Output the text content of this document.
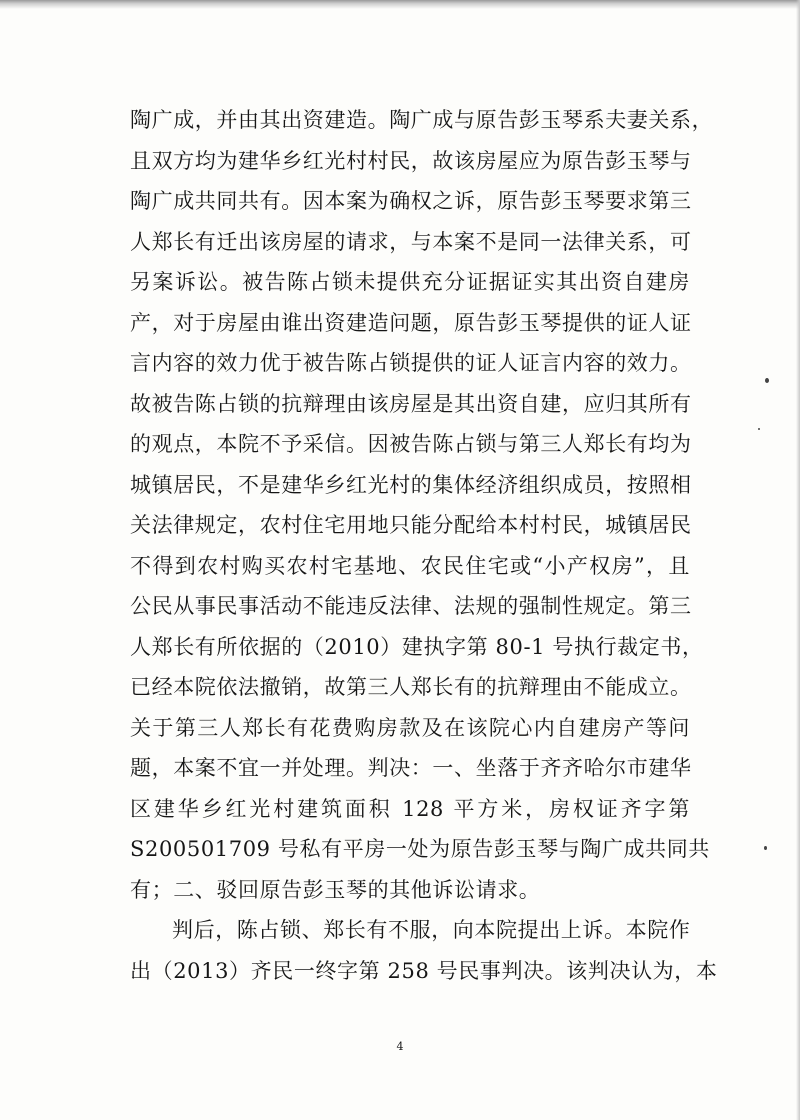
陶广成，并由其出资建造。陶广成与原告彭玉琴系夫妻关系，
且双方均为建华乡红光村村民，故该房屋应为原告彭玉琴与
陶广成共同共有。因本案为确权之诉，原告彭玉琴要求第三
人郑长有迁出该房屋的请求，与本案不是同一法律关系，可
另案诉讼。被告陈占锁未提供充分证据证实其出资自建房
产，对于房屋由谁出资建造问题，原告彭玉琴提供的证人证
言内容的效力优于被告陈占锁提供的证人证言内容的效力。
故被告陈占锁的抗辩理由该房屋是其出资自建，应归其所有
的观点，本院不予采信。因被告陈占锁与第三人郑长有均为
城镇居民，不是建华乡红光村的集体经济组织成员，按照相
关法律规定，农村住宅用地只能分配给本村村民，城镇居民
不得到农村购买农村宅基地、农民住宅或“小产权房”，且
公民从事民事活动不能违反法律、法规的强制性规定。第三
人郑长有所依据的（2010）建执字第 80-1 号执行裁定书，
已经本院依法撤销，故第三人郑长有的抗辩理由不能成立。
关于第三人郑长有花费购房款及在该院心内自建房产等问
题，本案不宜一并处理。判决：一、坐落于齐齐哈尔市建华
区建华乡红光村建筑面积 128 平方米，房权证齐字第
S200501709 号私有平房一处为原告彭玉琴与陶广成共同共
有；二、驳回原告彭玉琴的其他诉讼请求。
判后，陈占锁、郑长有不服，向本院提出上诉。本院作
出（2013）齐民一终字第 258 号民事判决。该判决认为，本
4
